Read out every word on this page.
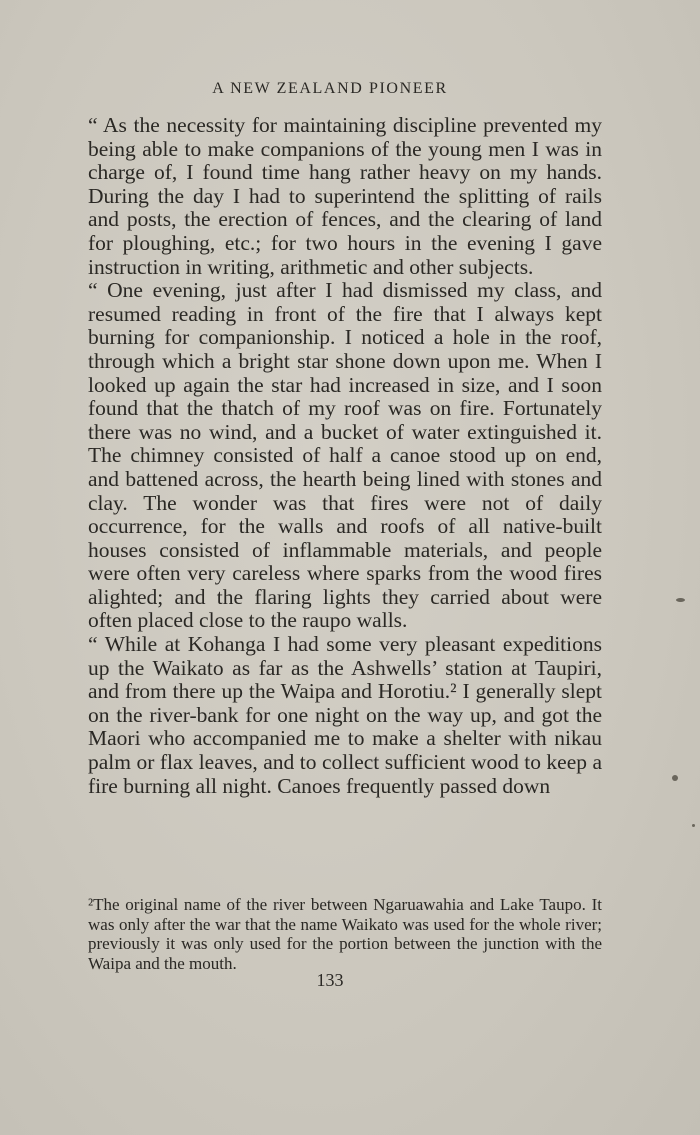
A NEW ZEALAND PIONEER

“ As the necessity for maintaining discipline prevented my being able to make companions of the young men I was in charge of, I found time hang rather heavy on my hands. During the day I had to superintend the splitting of rails and posts, the erection of fences, and the clearing of land for ploughing, etc.; for two hours in the evening I gave instruction in writing, arithmetic and other subjects.

“ One evening, just after I had dismissed my class, and resumed reading in front of the fire that I always kept burning for companionship. I noticed a hole in the roof, through which a bright star shone down upon me. When I looked up again the star had increased in size, and I soon found that the thatch of my roof was on fire. Fortunately there was no wind, and a bucket of water extinguished it. The chimney consisted of half a canoe stood up on end, and battened across, the hearth being lined with stones and clay. The wonder was that fires were not of daily occurrence, for the walls and roofs of all native-built houses consisted of inflammable materials, and people were often very careless where sparks from the wood fires alighted; and the flaring lights they carried about were often placed close to the raupo walls.

“ While at Kohanga I had some very pleasant expeditions up the Waikato as far as the Ashwells’ station at Taupiri, and from there up the Waipa and Horotiu.² I generally slept on the river-bank for one night on the way up, and got the Maori who accompanied me to make a shelter with nikau palm or flax leaves, and to collect sufficient wood to keep a fire burning all night. Canoes frequently passed down

²The original name of the river between Ngaruawahia and Lake Taupo. It was only after the war that the name Waikato was used for the whole river; previously it was only used for the portion between the junction with the Waipa and the mouth.
133
